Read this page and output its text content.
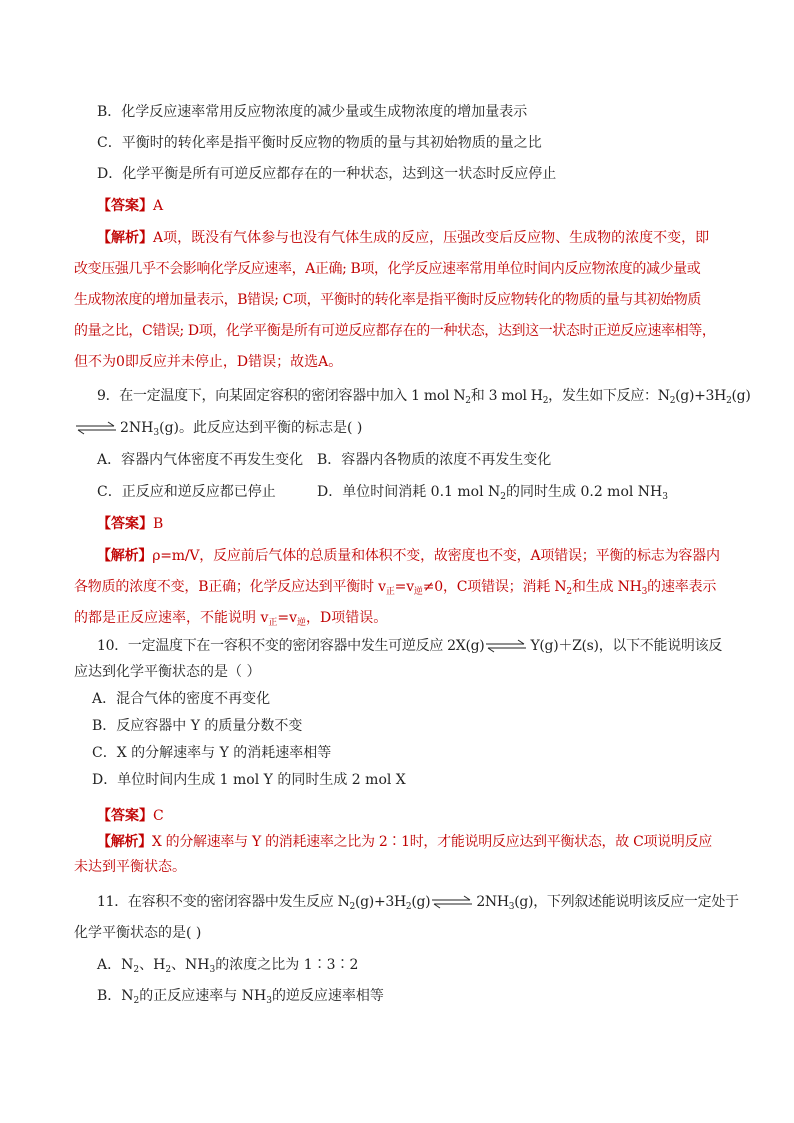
B．化学反应速率常用反应物浓度的减少量或生成物浓度的增加量表示
C．平衡时的转化率是指平衡时反应物的物质的量与其初始物质的量之比
D．化学平衡是所有可逆反应都存在的一种状态，达到这一状态时反应停止
【答案】A
【解析】A项，既没有气体参与也没有气体生成的反应，压强改变后反应物、生成物的浓度不变，即
改变压强几乎不会影响化学反应速率，A正确; B项，化学反应速率常用单位时间内反应物浓度的减少量或
生成物浓度的增加量表示，B错误; C项，平衡时的转化率是指平衡时反应物转化的物质的量与其初始物质
的量之比，C错误; D项，化学平衡是所有可逆反应都存在的一种状态，达到这一状态时正逆反应速率相等，
但不为0即反应并未停止，D错误；故选A。
9．在一定温度下，向某固定容积的密闭容器中加入 1 mol $N_2$和 3 mol $H_2$，发生如下反应：$N_2(g)+3H_2(g)$
$\rightleftharpoons 2NH_3(g)$。此反应达到平衡的标志是( )
A．容器内气体密度不再发生变化 B．容器内各物质的浓度不再发生变化
C．正反应和逆反应都已停止	D．单位时间消耗 0.1 mol $N_2$的同时生成 0.2 mol $NH_3$
【答案】B
【解析】ρ=m/V，反应前后气体的总质量和体积不变，故密度也不变，A项错误；平衡的标志为容器内
各物质的浓度不变，B正确；化学反应达到平衡时 $v_正=v_逆\ne 0$，C项错误；消耗 $N_2$和生成 $NH_3$的速率表示
的都是正反应速率，不能说明 $v_正=v_逆$，D项错误。
10．一定温度下在一容积不变的密闭容器中发生可逆反应 2X(g)⇌Y(g)＋Z(s)，以下不能说明该反
应达到化学平衡状态的是（ ）
A．混合气体的密度不再变化
B．反应容器中 Y 的质量分数不变
C．X 的分解速率与 Y 的消耗速率相等
D．单位时间内生成 1 mol Y 的同时生成 2 mol X
【答案】C
【解析】X 的分解速率与 Y 的消耗速率之比为 2∶1时，才能说明反应达到平衡状态，故 C项说明反应
未达到平衡状态。
11．在容积不变的密闭容器中发生反应 $N_2(g)+3H_2(g)\rightleftharpoons 2NH_3(g)$，下列叙述能说明该反应一定处于
化学平衡状态的是( )
A．$N_2$、$H_2$、$NH_3$的浓度之比为 1∶3∶2
B．$N_2$的正反应速率与 $NH_3$的逆反应速率相等
